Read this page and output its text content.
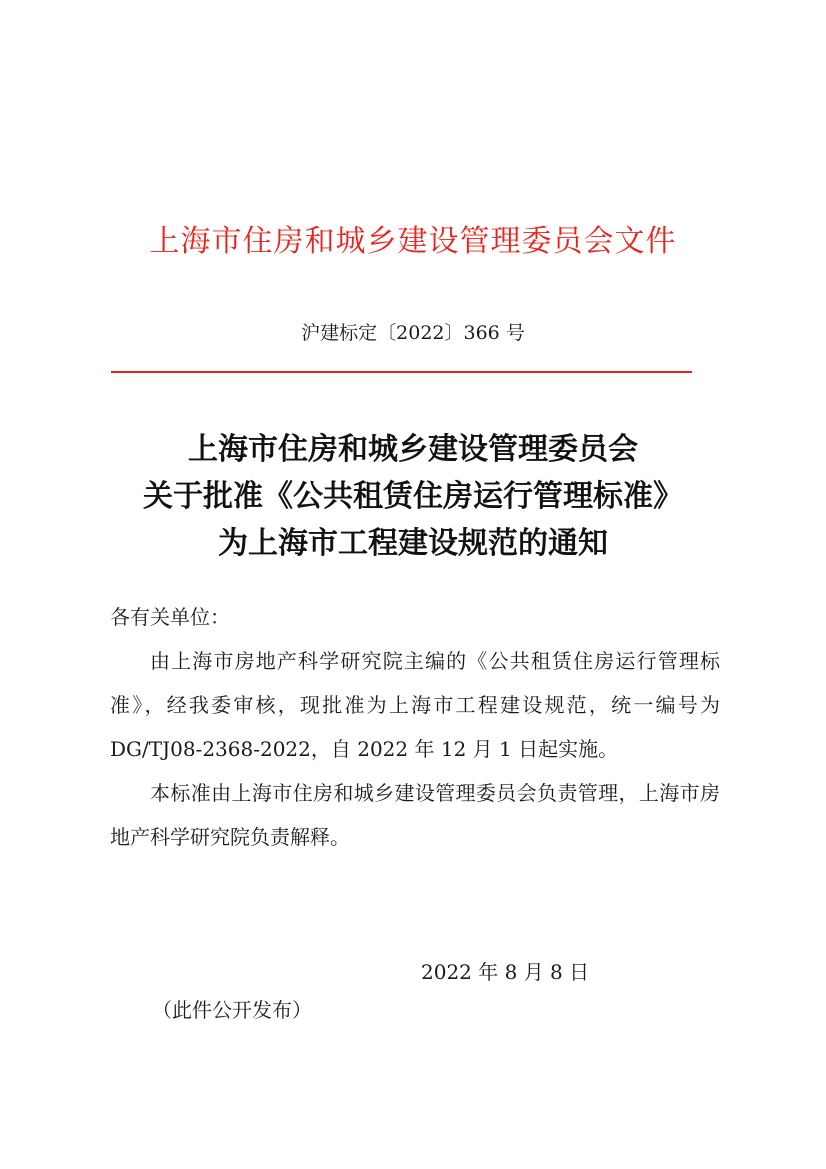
上海市住房和城乡建设管理委员会文件
沪建标定〔2022〕366 号
上海市住房和城乡建设管理委员会
关于批准《公共租赁住房运行管理标准》
为上海市工程建设规范的通知

各有关单位：

由上海市房地产科学研究院主编的《公共租赁住房运行管理标准》，经我委审核，现批准为上海市工程建设规范，统一编号为 DG/TJ08-2368-2022，自 2022 年 12 月 1 日起实施。

本标准由上海市住房和城乡建设管理委员会负责管理，上海市房地产科学研究院负责解释。

2022 年 8 月 8 日
（此件公开发布）
